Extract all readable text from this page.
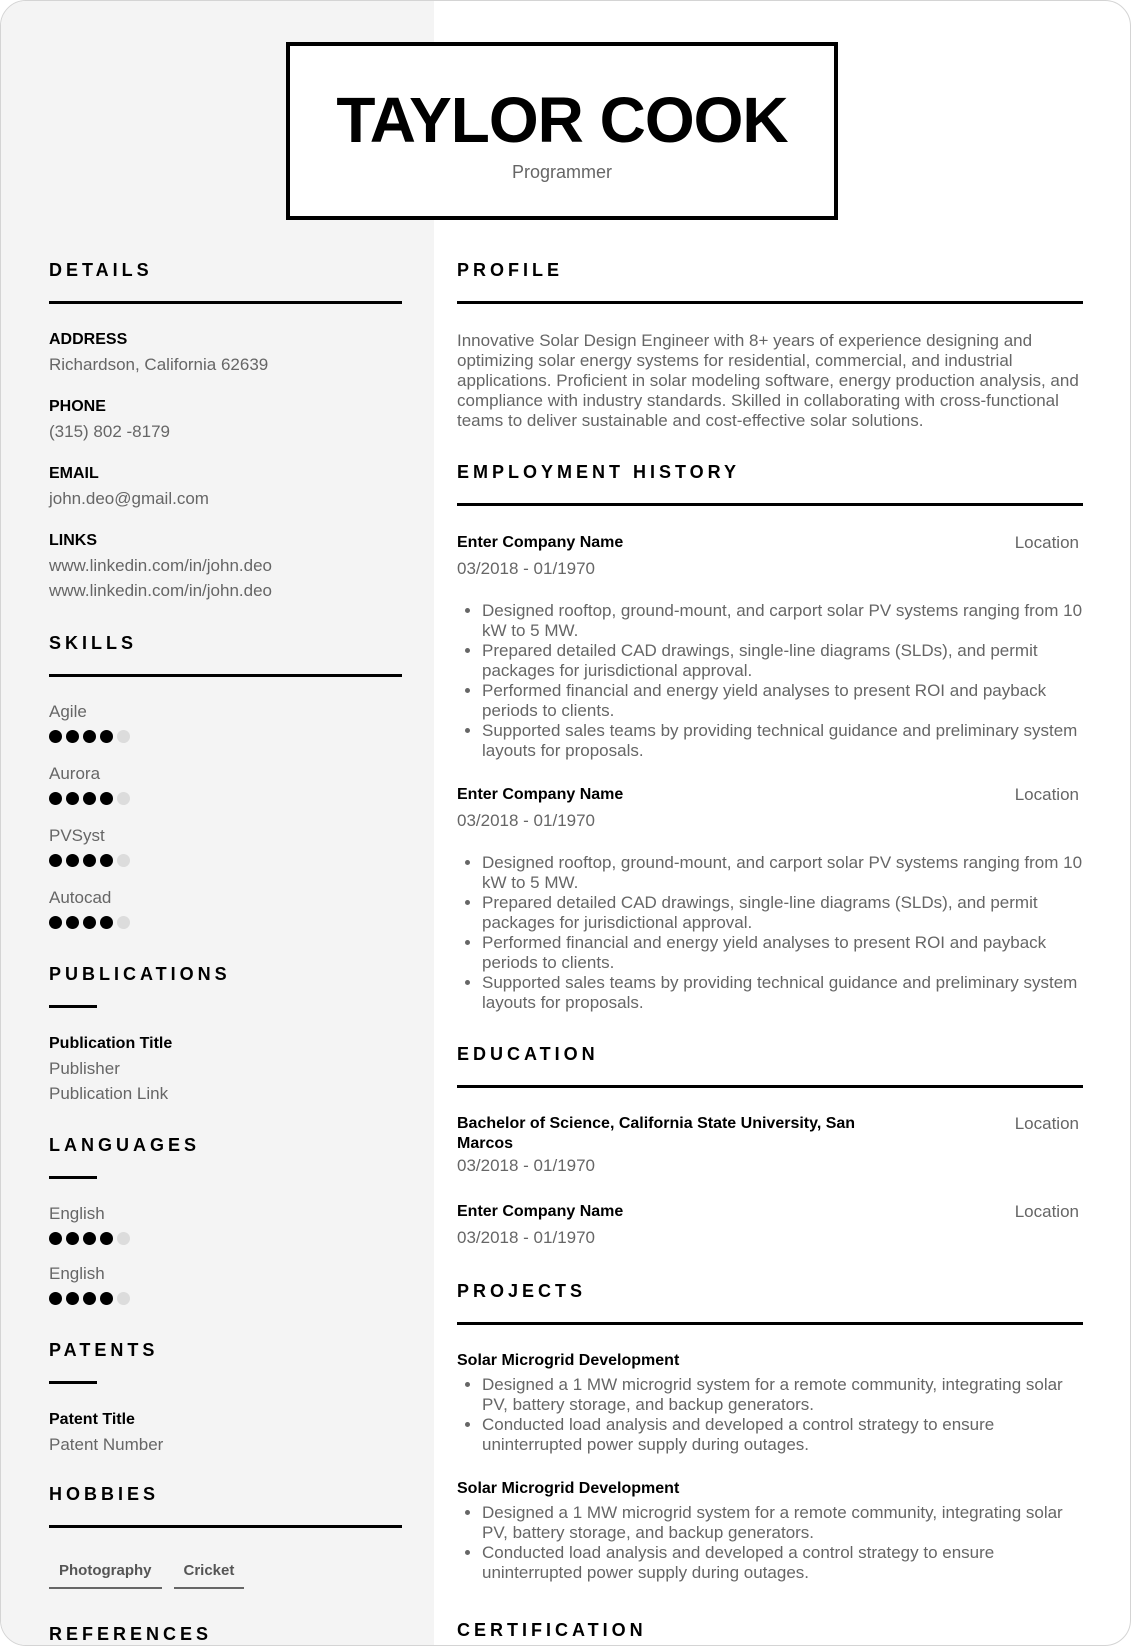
TAYLOR COOK
Programmer
DETAILS
ADDRESS
Richardson, California 62639
PHONE
(315) 802 -8179
EMAIL
john.deo@gmail.com
LINKS
www.linkedin.com/in/john.deo
www.linkedin.com/in/john.deo
SKILLS
Agile
Aurora
PVSyst
Autocad
PUBLICATIONS
Publication Title
Publisher
Publication Link
LANGUAGES
English
English
PATENTS
Patent Title
Patent Number
HOBBIES
Photography	Cricket
REFERENCES
PROFILE
Innovative Solar Design Engineer with 8+ years of experience designing and optimizing solar energy systems for residential, commercial, and industrial applications. Proficient in solar modeling software, energy production analysis, and compliance with industry standards. Skilled in collaborating with cross-functional teams to deliver sustainable and cost-effective solar solutions.
EMPLOYMENT HISTORY
Enter Company Name	Location
03/2018 - 01/1970
• Designed rooftop, ground-mount, and carport solar PV systems ranging from 10 kW to 5 MW.
• Prepared detailed CAD drawings, single-line diagrams (SLDs), and permit packages for jurisdictional approval.
• Performed financial and energy yield analyses to present ROI and payback periods to clients.
• Supported sales teams by providing technical guidance and preliminary system layouts for proposals.
Enter Company Name	Location
03/2018 - 01/1970
• Designed rooftop, ground-mount, and carport solar PV systems ranging from 10 kW to 5 MW.
• Prepared detailed CAD drawings, single-line diagrams (SLDs), and permit packages for jurisdictional approval.
• Performed financial and energy yield analyses to present ROI and payback periods to clients.
• Supported sales teams by providing technical guidance and preliminary system layouts for proposals.
EDUCATION
Bachelor of Science, California State University, San Marcos
Location
03/2018 - 01/1970
Enter Company Name	Location
03/2018 - 01/1970
PROJECTS
Solar Microgrid Development
• Designed a 1 MW microgrid system for a remote community, integrating solar PV, battery storage, and backup generators.
• Conducted load analysis and developed a control strategy to ensure uninterrupted power supply during outages.
Solar Microgrid Development
• Designed a 1 MW microgrid system for a remote community, integrating solar PV, battery storage, and backup generators.
• Conducted load analysis and developed a control strategy to ensure uninterrupted power supply during outages.
CERTIFICATION
